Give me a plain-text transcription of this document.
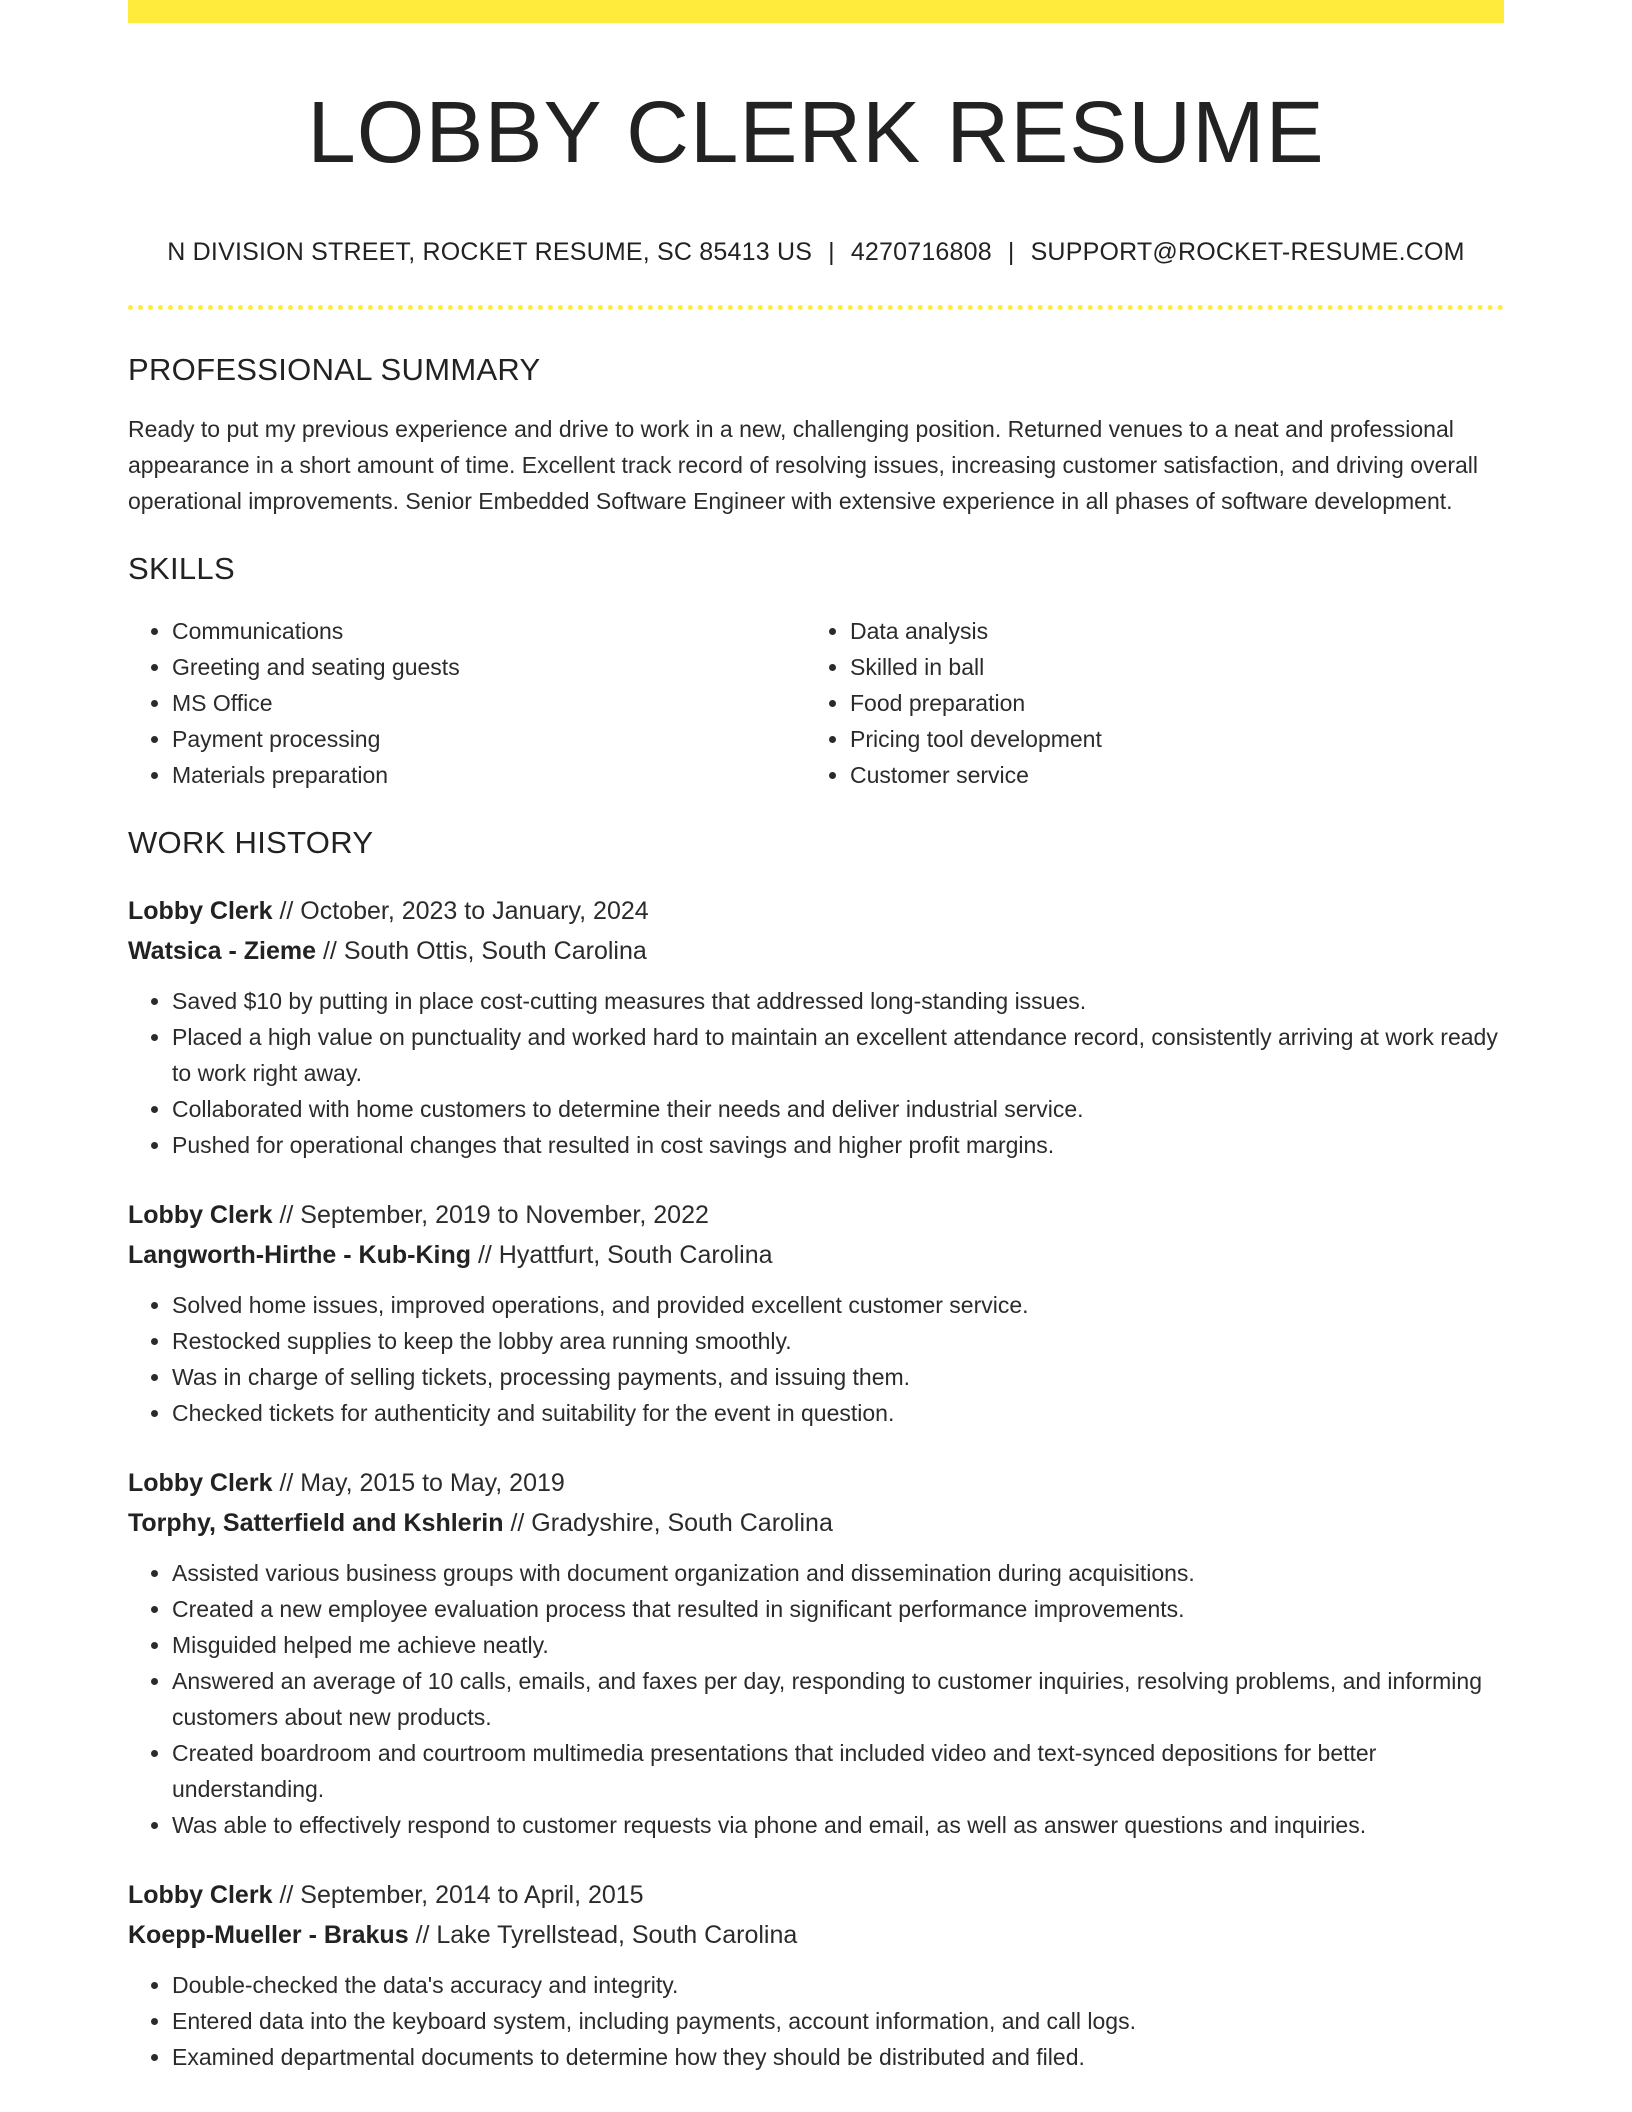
LOBBY CLERK RESUME
N DIVISION STREET, ROCKET RESUME, SC 85413 US | 4270716808 | SUPPORT@ROCKET-RESUME.COM
PROFESSIONAL SUMMARY
Ready to put my previous experience and drive to work in a new, challenging position. Returned venues to a neat and professional appearance in a short amount of time. Excellent track record of resolving issues, increasing customer satisfaction, and driving overall operational improvements. Senior Embedded Software Engineer with extensive experience in all phases of software development.
SKILLS
• Communications
• Greeting and seating guests
• MS Office
• Payment processing
• Materials preparation
• Data analysis
• Skilled in ball
• Food preparation
• Pricing tool development
• Customer service
WORK HISTORY
Lobby Clerk // October, 2023 to January, 2024
Watsica - Zieme // South Ottis, South Carolina
• Saved $10 by putting in place cost-cutting measures that addressed long-standing issues.
• Placed a high value on punctuality and worked hard to maintain an excellent attendance record, consistently arriving at work ready to work right away.
• Collaborated with home customers to determine their needs and deliver industrial service.
• Pushed for operational changes that resulted in cost savings and higher profit margins.
Lobby Clerk // September, 2019 to November, 2022
Langworth-Hirthe - Kub-King // Hyattfurt, South Carolina
• Solved home issues, improved operations, and provided excellent customer service.
• Restocked supplies to keep the lobby area running smoothly.
• Was in charge of selling tickets, processing payments, and issuing them.
• Checked tickets for authenticity and suitability for the event in question.
Lobby Clerk // May, 2015 to May, 2019
Torphy, Satterfield and Kshlerin // Gradyshire, South Carolina
• Assisted various business groups with document organization and dissemination during acquisitions.
• Created a new employee evaluation process that resulted in significant performance improvements.
• Misguided helped me achieve neatly.
• Answered an average of 10 calls, emails, and faxes per day, responding to customer inquiries, resolving problems, and informing customers about new products.
• Created boardroom and courtroom multimedia presentations that included video and text-synced depositions for better understanding.
• Was able to effectively respond to customer requests via phone and email, as well as answer questions and inquiries.
Lobby Clerk // September, 2014 to April, 2015
Koepp-Mueller - Brakus // Lake Tyrellstead, South Carolina
• Double-checked the data's accuracy and integrity.
• Entered data into the keyboard system, including payments, account information, and call logs.
• Examined departmental documents to determine how they should be distributed and filed.
